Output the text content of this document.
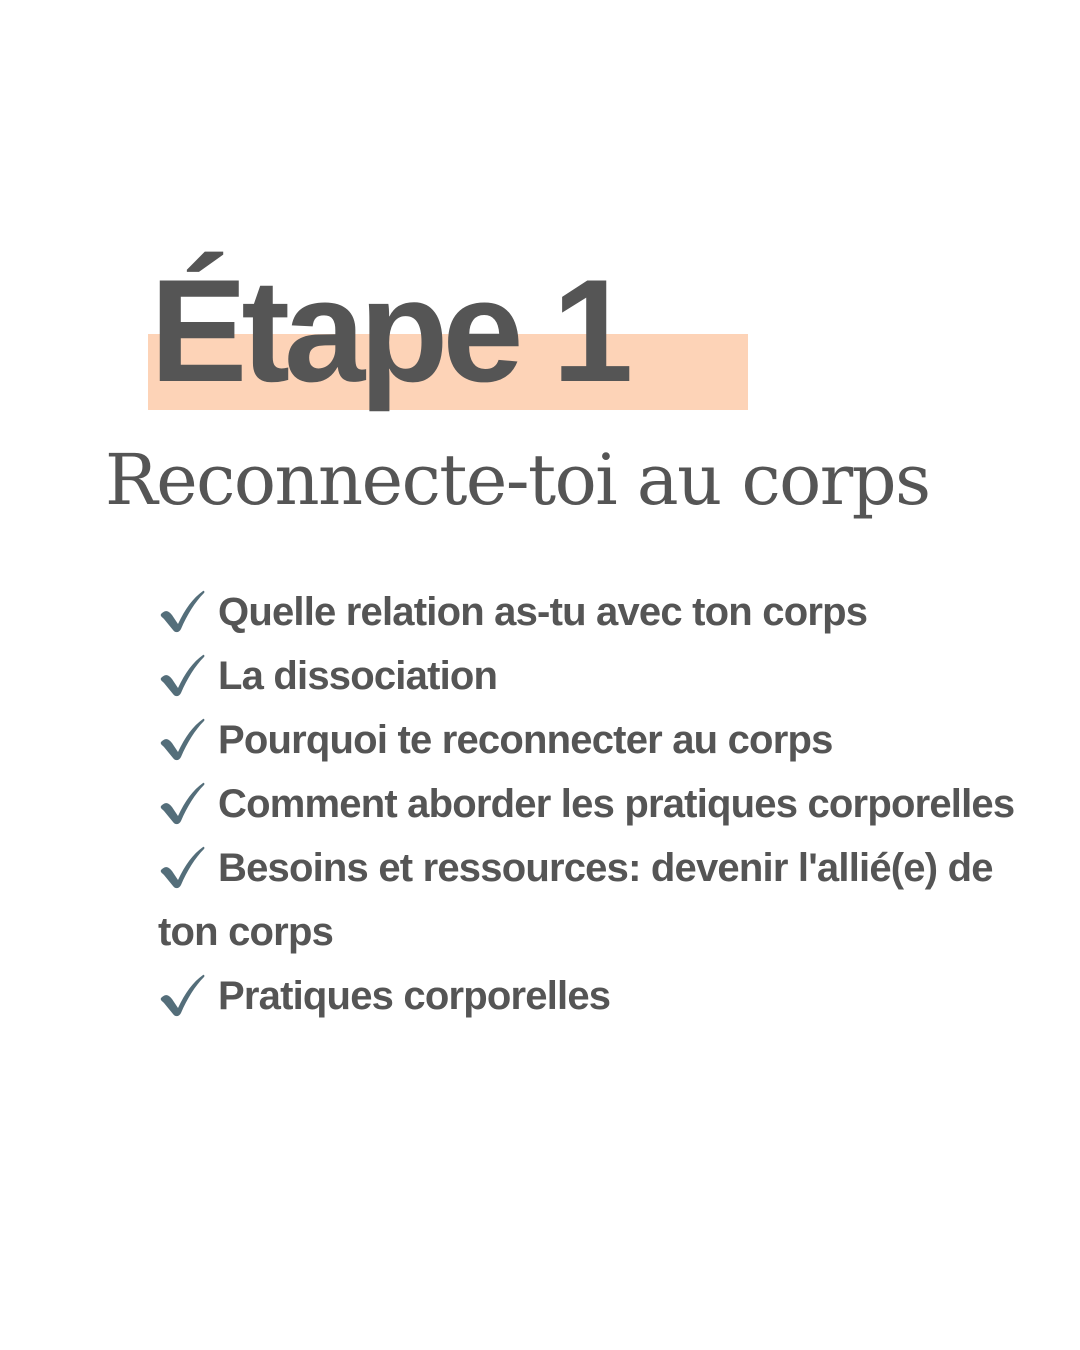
Étape 1
Reconnecte-toi au corps
Quelle relation as-tu avec ton corps
La dissociation
Pourquoi te reconnecter au corps
Comment aborder les pratiques corporelles
Besoins et ressources: devenir l'allié(e) de ton corps
Pratiques corporelles
